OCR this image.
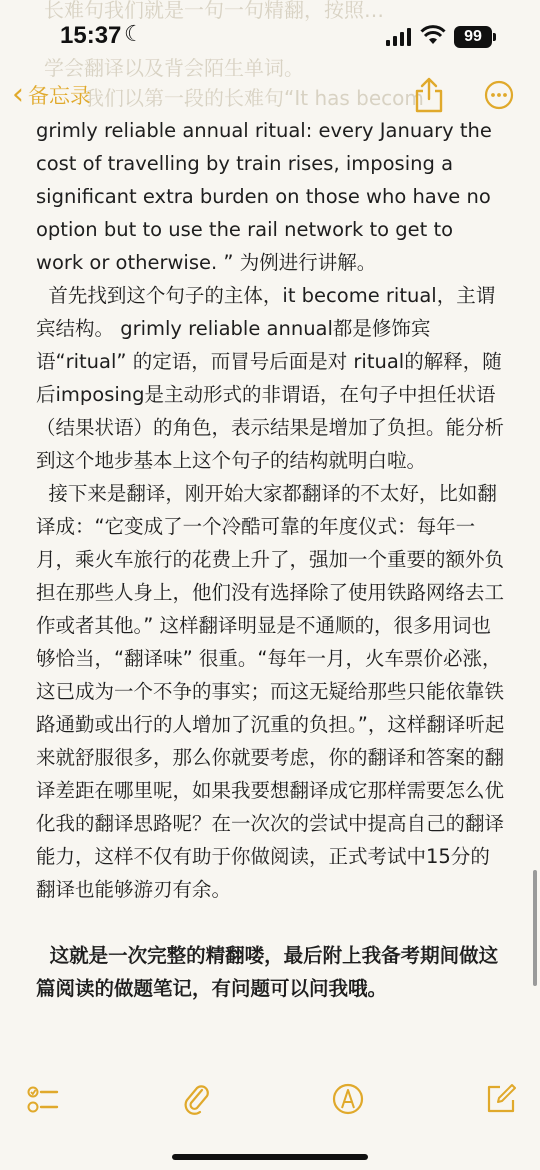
长难句我们就是一句一句精翻，按照…
学会翻译以及背会陌生单词。
我们以第一段的长难句“It has becom
15:37 ☾	99
‹ 备忘录

grimly reliable annual ritual: every January the cost of travelling by train rises, imposing a significant extra burden on those who have no option but to use the rail network to get to work or otherwise. ” 为例进行讲解。

首先找到这个句子的主体，it become ritual，主谓宾结构。 grimly reliable annual都是修饰宾语“ritual” 的定语，而冒号后面是对 ritual的解释，随后imposing是主动形式的非谓语，在句子中担任状语（结果状语）的角色，表示结果是增加了负担。能分析到这个地步基本上这个句子的结构就明白啦。

接下来是翻译，刚开始大家都翻译的不太好，比如翻译成：“它变成了一个冷酷可靠的年度仪式：每年一月，乘火车旅行的花费上升了，强加一个重要的额外负担在那些人身上，他们没有选择除了使用铁路网络去工作或者其他。” 这样翻译明显是不通顺的，很多用词也够恰当，“翻译味” 很重。“每年一月，火车票价必涨，这已成为一个不争的事实；而这无疑给那些只能依靠铁路通勤或出行的人增加了沉重的负担。”，这样翻译听起来就舒服很多，那么你就要考虑，你的翻译和答案的翻译差距在哪里呢，如果我要想翻译成它那样需要怎么优化我的翻译思路呢？在一次次的尝试中提高自己的翻译能力，这样不仅有助于你做阅读，正式考试中15分的翻译也能够游刃有余。

这就是一次完整的精翻喽，最后附上我备考期间做这篇阅读的做题笔记，有问题可以问我哦。
